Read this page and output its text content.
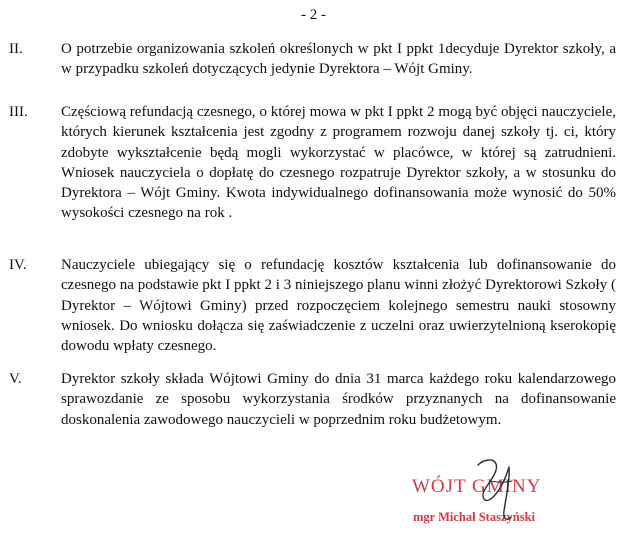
- 2 -
II.	O potrzebie organizowania szkoleń określonych w pkt I ppkt 1decyduje Dyrektor szkoły, a w przypadku szkoleń dotyczących jedynie Dyrektora – Wójt Gminy.
III. Częściową refundacją czesnego, o której mowa w pkt I ppkt 2 mogą być objęci nauczyciele, których kierunek kształcenia jest zgodny z programem rozwoju danej szkoły tj. ci, który zdobyte wykształcenie będą mogli wykorzystać w placówce, w której są zatrudnieni. Wniosek nauczyciela o dopłatę do czesnego rozpatruje Dyrektor szkoły, a w stosunku do Dyrektora – Wójt Gminy. Kwota indywidualnego dofinansowania może wynosić do 50% wysokości czesnego na rok .
IV. Nauczyciele ubiegający się o refundację kosztów kształcenia lub dofinansowanie do czesnego na podstawie pkt I ppkt 2 i 3 niniejszego planu winni złożyć Dyrektorowi Szkoły ( Dyrektor – Wójtowi Gminy) przed rozpoczęciem kolejnego semestru nauki stosowny wniosek. Do wniosku dołącza się zaświadczenie z uczelni oraz uwierzytelnioną kserokopię dowodu wpłaty czesnego.
V.	Dyrektor szkoły składa Wójtowi Gminy do dnia 31 marca każdego roku kalendarzowego sprawozdanie ze sposobu wykorzystania środków przyznanych na dofinansowanie doskonalenia zawodowego nauczycieli w poprzednim roku budżetowym.
WÓJT GMINY
mgr Michał Staszyński
